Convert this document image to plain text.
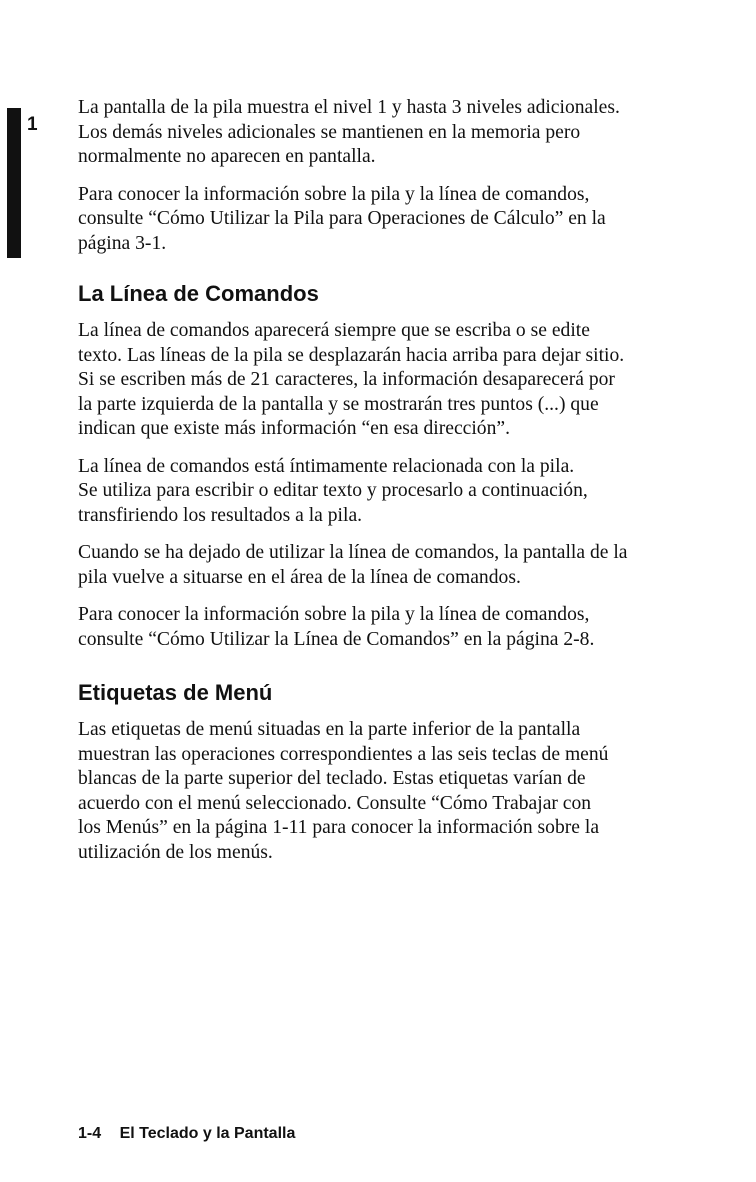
1

La pantalla de la pila muestra el nivel 1 y hasta 3 niveles adicionales.
Los demás niveles adicionales se mantienen en la memoria pero
normalmente no aparecen en pantalla.

Para conocer la información sobre la pila y la línea de comandos,
consulte “Cómo Utilizar la Pila para Operaciones de Cálculo” en la
página 3-1.

La Línea de Comandos

La línea de comandos aparecerá siempre que se escriba o se edite
texto. Las líneas de la pila se desplazarán hacia arriba para dejar sitio.
Si se escriben más de 21 caracteres, la información desaparecerá por
la parte izquierda de la pantalla y se mostrarán tres puntos (...) que
indican que existe más información “en esa dirección”.

La línea de comandos está íntimamente relacionada con la pila.
Se utiliza para escribir o editar texto y procesarlo a continuación,
transfiriendo los resultados a la pila.

Cuando se ha dejado de utilizar la línea de comandos, la pantalla de la
pila vuelve a situarse en el área de la línea de comandos.

Para conocer la información sobre la pila y la línea de comandos,
consulte “Cómo Utilizar la Línea de Comandos” en la página 2-8.

Etiquetas de Menú

Las etiquetas de menú situadas en la parte inferior de la pantalla
muestran las operaciones correspondientes a las seis teclas de menú
blancas de la parte superior del teclado. Estas etiquetas varían de
acuerdo con el menú seleccionado. Consulte “Cómo Trabajar con
los Menús” en la página 1-11 para conocer la información sobre la
utilización de los menús.

1-4 El Teclado y la Pantalla
